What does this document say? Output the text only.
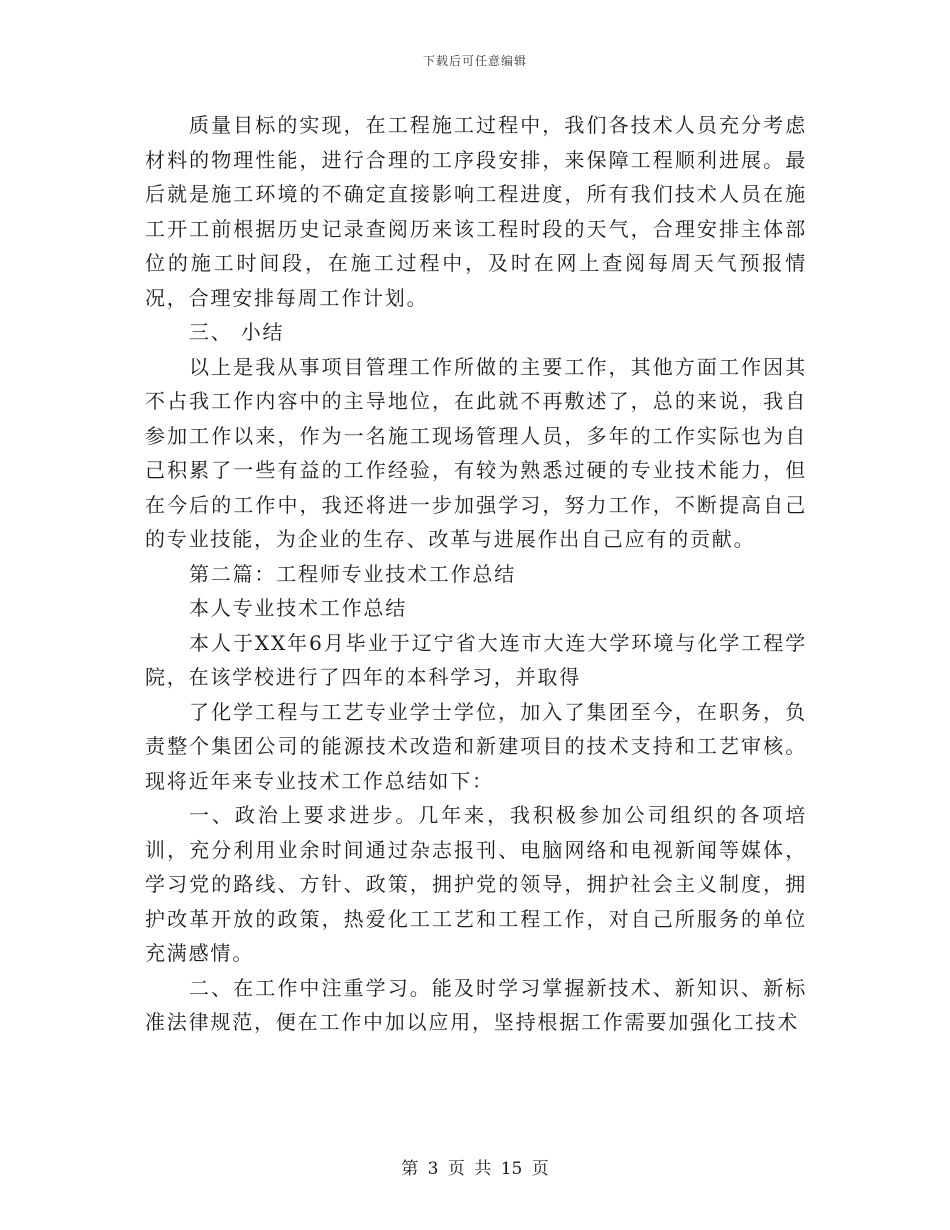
下载后可任意编辑

质量目标的实现，在工程施工过程中，我们各技术人员充分考虑材料的物理性能，进行合理的工序段安排，来保障工程顺利进展。最后就是施工环境的不确定直接影响工程进度，所有我们技术人员在施工开工前根据历史记录查阅历来该工程时段的天气，合理安排主体部位的施工时间段，在施工过程中，及时在网上查阅每周天气预报情况，合理安排每周工作计划。

三、 小结

以上是我从事项目管理工作所做的主要工作，其他方面工作因其不占我工作内容中的主导地位，在此就不再敷述了，总的来说，我自参加工作以来，作为一名施工现场管理人员，多年的工作实际也为自己积累了一些有益的工作经验，有较为熟悉过硬的专业技术能力，但在今后的工作中，我还将进一步加强学习，努力工作，不断提高自己的专业技能，为企业的生存、改革与进展作出自己应有的贡献。

第二篇：工程师专业技术工作总结

本人专业技术工作总结

本人于XX年6月毕业于辽宁省大连市大连大学环境与化学工程学院，在该学校进行了四年的本科学习，并取得

了化学工程与工艺专业学士学位，加入了集团至今，在职务，负责整个集团公司的能源技术改造和新建项目的技术支持和工艺审核。现将近年来专业技术工作总结如下：

一、政治上要求进步。几年来，我积极参加公司组织的各项培训，充分利用业余时间通过杂志报刊、电脑网络和电视新闻等媒体，学习党的路线、方针、政策，拥护党的领导，拥护社会主义制度，拥护改革开放的政策，热爱化工工艺和工程工作，对自己所服务的单位充满感情。

二、在工作中注重学习。能及时学习掌握新技术、新知识、新标准法律规范，便在工作中加以应用，坚持根据工作需要加强化工技术

第 3 页 共 15 页
